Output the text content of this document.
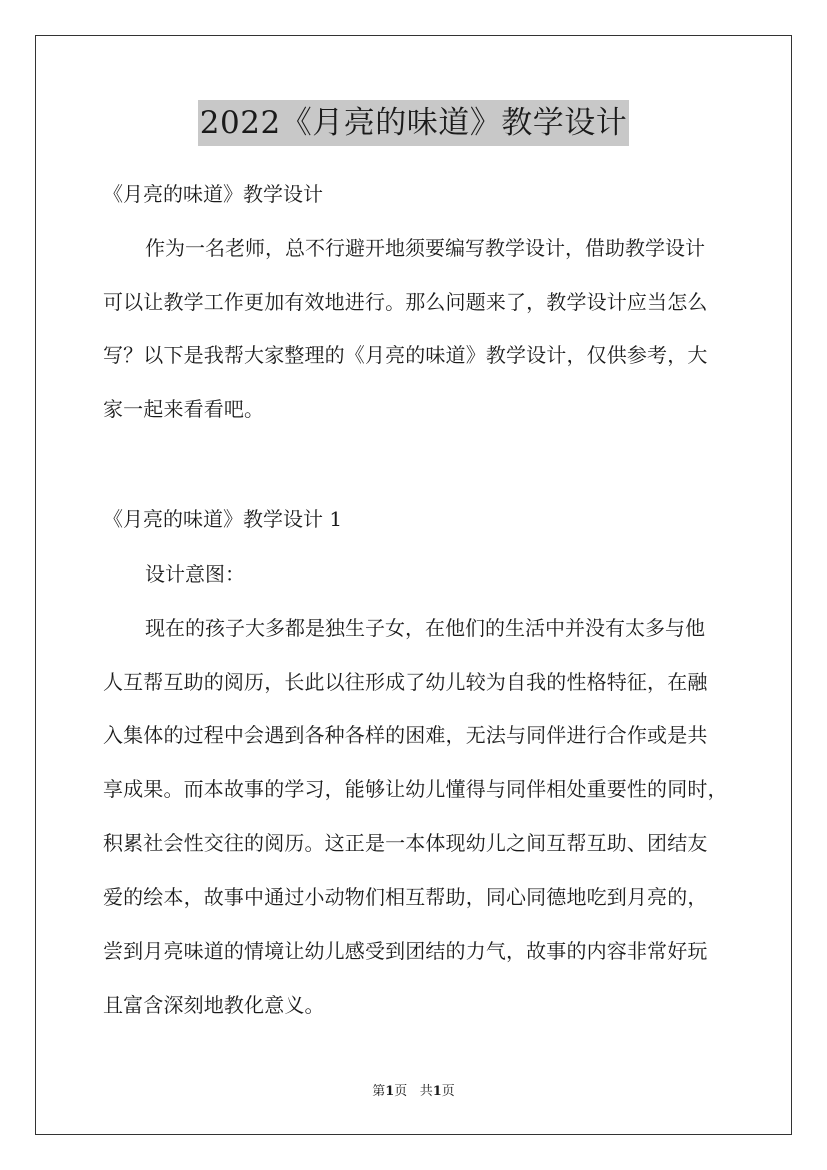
2022《月亮的味道》教学设计
《月亮的味道》教学设计
作为一名老师，总不行避开地须要编写教学设计，借助教学设计
可以让教学工作更加有效地进行。那么问题来了，教学设计应当怎么
写？以下是我帮大家整理的《月亮的味道》教学设计，仅供参考，大
家一起来看看吧。
《月亮的味道》教学设计 1
设计意图：
现在的孩子大多都是独生子女，在他们的生活中并没有太多与他
人互帮互助的阅历，长此以往形成了幼儿较为自我的性格特征，在融
入集体的过程中会遇到各种各样的困难，无法与同伴进行合作或是共
享成果。而本故事的学习，能够让幼儿懂得与同伴相处重要性的同时，
积累社会性交往的阅历。这正是一本体现幼儿之间互帮互助、团结友
爱的绘本，故事中通过小动物们相互帮助，同心同德地吃到月亮的，
尝到月亮味道的情境让幼儿感受到团结的力气，故事的内容非常好玩
且富含深刻地教化意义。
第1页 共1页
